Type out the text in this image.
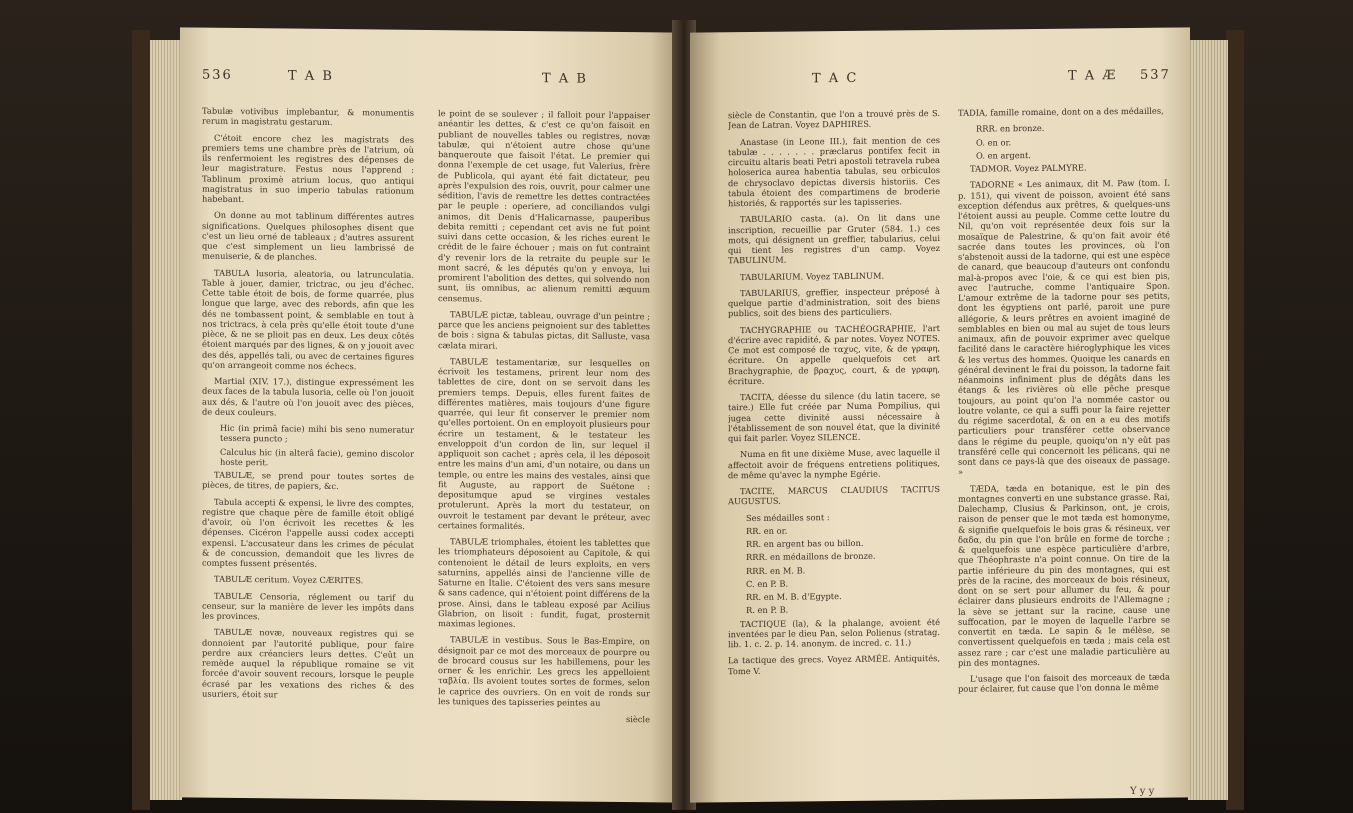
536	T A B	T A B

Tabulæ votivibus implebantur, & monumentis rerum in magistratu gestarum.

C'étoit encore chez les magistrats des premiers tems une chambre près de l'atrium, où ils renfermoient les registres des dépenses de leur magistrature. Festus nous l'apprend : Tablinum proximè atrium locus, quo antiqui magistratus in suo imperio tabulas rationum habebant.

On donne au mot tablinum différentes autres significations. Quelques philosophes disent que c'est un lieu orné de tableaux ; d'autres assurent que c'est simplement un lieu lambrissé de menuiserie, & de planches.

TABULA lusoria, aleatoria, ou latrunculatia. Table à jouer, damier, trictrac, ou jeu d'échec. Cette table étoit de bois, de forme quarrée, plus longue que large, avec des rebords, afin que les dés ne tombassent point, & semblable en tout à nos trictracs, à cela près qu'elle étoit toute d'une pièce, & ne se plioit pas en deux. Les deux côtés étoient marqués par des lignes, & on y jouoit avec des dés, appellés tali, ou avec de certaines figures qu'on arrangeoit comme nos échecs.

Martial (XIV. 17.), distingue expressément les deux faces de la tabula lusoria, celle où l'on jouoit aux dés, & l'autre où l'on jouoit avec des pièces, de deux couleurs.

Hic (in primâ facie) mihi bis seno numeratur tessera puncto ;

Calculus hic (in alterâ facie), gemino discolor hoste perit.

TABULÆ, se prend pour toutes sortes de pièces, de titres, de papiers, &c.

Tabula accepti & expensi, le livre des comptes, registre que chaque père de famille étoit obligé d'avoir, où l'on écrivoit les recettes & les dépenses. Cicéron l'appelle aussi codex accepti expensi. L'accusateur dans les crimes de péculat & de concussion, demandoit que les livres de comptes fussent présentés.

TABULÆ ceritum. Voyez CÆRITES.

TABULÆ Censoria, réglement ou tarif du censeur, sur la manière de lever les impôts dans les provinces.

TABULÆ novæ, nouveaux registres qui se donnoient par l'autorité publique, pour faire perdre aux créanciers leurs dettes. C'eût un remède auquel la république romaine se vit forcée d'avoir souvent recours, lorsque le peuple écrasé par les vexations des riches & des usuriers, étoit sur

le point de se soulever ; il falloit pour l'appaiser anéantir les dettes, & c'est ce qu'on faisoit en publiant de nouvelles tables ou registres, novæ tabulæ, qui n'étoient autre chose qu'une banqueroute que faisoit l'état. Le premier qui donna l'exemple de cet usage, fut Valerius, frère de Publicola, qui ayant été fait dictateur, peu après l'expulsion des rois, ouvrit, pour calmer une sédition, l'avis de remettre les dettes contractées par le peuple : operiere, ad conciliandos vulgi animos, dit Denis d'Halicarnasse, pauperibus debita remitti ; cependant cet avis ne fut point suivi dans cette occasion, & les riches eurent le crédit de le faire échouer ; mais on fut contraint d'y revenir lors de la retraite du peuple sur le mont sacré, & les députés qu'on y envoya, lui promirent l'abolition des dettes, qui solvendo non sunt, iis omnibus, ac alienum remitti æquum censemus.

TABULÆ pictæ, tableau, ouvrage d'un peintre ; parce que les anciens peignoient sur des tablettes de bois : signa & tabulas pictas, dit Salluste, vasa cælata mirari.

TABULÆ testamentariæ, sur lesquelles on écrivoit les testamens, prirent leur nom des tablettes de cire, dont on se servoit dans les premiers temps. Depuis, elles furent faites de différentes matières, mais toujours d'une figure quarrée, qui leur fit conserver le premier nom qu'elles portoient. On en employoit plusieurs pour écrire un testament, & le testateur les enveloppoit d'un cordon de lin, sur lequel il appliquoit son cachet ; après cela, il les déposoit entre les mains d'un ami, d'un notaire, ou dans un temple, ou entre les mains des vestales, ainsi que fit Auguste, au rapport de Suétone : depositumque apud se virgines vestales protulerunt. Après la mort du testateur, on ouvroit le testament par devant le préteur, avec certaines formalités.

TABULÆ triomphales, étoient les tablettes que les triomphateurs déposoient au Capitole, & qui contenoient le détail de leurs exploits, en vers saturnins, appellés ainsi de l'ancienne ville de Saturne en Italie. C'étoient des vers sans mesure & sans cadence, qui n'étoient point différens de la prose. Ainsi, dans le tableau exposé par Acilius Glabrion, on lisoit : fundit, fugat, prosternit maximas legiones.

TABULÆ in vestibus. Sous le Bas-Empire, on désignoit par ce mot des morceaux de pourpre ou de brocard cousus sur les habillemens, pour les orner & les enrichir. Les grecs les appelloient ταβλία. Ils avoient toutes sortes de formes, selon le caprice des ouvriers. On en voit de ronds sur les tuniques des tapisseries peintes au

siècle

T A C	T A Æ 537

siècle de Constantin, que l'on a trouvé près de S. Jean de Latran. Voyez DAPHIRES.

Anastase (in Leone III.), fait mention de ces tabulæ . . . . . . . præclarus pontifex fecit in circuitu altaris beati Petri apostoli tetravela rubea holoserica aurea habentia tabulas, seu orbiculos de chrysoclavo depictas diversis historiis. Ces tabula étoient des compartimens de broderie historiés, & rapportés sur les tapisseries.

TABULARIO casta. (a). On lit dans une inscription, recueillie par Gruter (584. 1.) ces mots, qui désignent un greffier, tabularius, celui qui tient les registres d'un camp. Voyez TABULINUM.

TABULARIUM. Voyez TABLINUM.

TABULARIUS, greffier, inspecteur préposé à quelque partie d'administration, soit des biens publics, soit des biens des particuliers.

TACHYGRAPHIE ou TACHÉOGRAPHIE, l'art d'écrire avec rapidité, & par notes. Voyez NOTES. Ce mot est composé de ταχυς, vite, & de γραφη, écriture. On appelle quelquefois cet art Brachygraphie, de βραχυς, court, & de γραφη, écriture.

TACITA, déesse du silence (du latin tacere, se taire.) Elle fut créée par Numa Pompilius, qui jugea cette divinité aussi nécessaire à l'établissement de son nouvel état, que la divinité qui fait parler. Voyez SILENCE.

Numa en fit une dixième Muse, avec laquelle il affectoit avoir de fréquens entretiens politiques, de même qu'avec la nymphe Egérie.

TACITE, MARCUS CLAUDIUS TACITUS AUGUSTUS.

Ses médailles sont :

RR. en or.

RR. en argent bas ou billon.

RRR. en médaillons de bronze.

RRR. en M. B.

C. en P. B.

RR. en M. B. d'Egypte.

R. en P. B.

TACTIQUE (la), & la phalange, avoient été inventées par le dieu Pan, selon Polienus (stratag. lib. 1. c. 2. p. 14. anonym. de incred. c. 11.)

La tactique des grecs. Voyez ARMÉE. Antiquités, Tome V.

TADIA, famille romaine, dont on a des médailles,

RRR. en bronze.

O. en or.

O. en argent.

TADMOR. Voyez PALMYRE.

TADORNE « Les animaux, dit M. Paw (tom. I. p. 151), qui vivent de poisson, avoient été sans exception défendus aux prêtres, & quelques-uns l'étoient aussi au peuple. Comme cette loutre du Nil, qu'on voit représentée deux fois sur la mosaïque de Palestrine, & qu'on fait avoir été sacrée dans toutes les provinces, où l'on s'abstenoit aussi de la tadorne, qui est une espèce de canard, que beaucoup d'auteurs ont confondu mal-à-propos avec l'oie, & ce qui est bien pis, avec l'autruche, comme l'antiquaire Spon. L'amour extrême de la tadorne pour ses petits, dont les égyptiens ont parlé, paroit une pure allégorie, & leurs prêtres en avoient imaginé de semblables en bien ou mal au sujet de tous leurs animaux, afin de pouvoir exprimer avec quelque facilité dans le caractère hiéroglyphique les vices & les vertus des hommes. Quoique les canards en général devinent le frai du poisson, la tadorne fait néanmoins infiniment plus de dégâts dans les étangs & les rivières où elle pêche presque toujours, au point qu'on l'a nommée castor ou loutre volante, ce qui a suffi pour la faire rejetter du régime sacerdotal, & on en a eu des motifs particuliers pour transférer cette observance dans le régime du peuple, quoiqu'on n'y eût pas transféré celle qui concernoit les pélicans, qui ne sont dans ce pays-là que des oiseaux de passage. »

TÆDA, tæda en botanique, est le pin des montagnes converti en une substance grasse. Rai, Dalechamp, Clusius & Parkinson, ont, je crois, raison de penser que le mot tæda est homonyme, & signifie quelquefois le bois gras & résineux, ver δαδα, du pin que l'on brûle en forme de torche ; & quelquefois une espèce particulière d'arbre, que Théophraste n'a point connue. On tire de la partie inférieure du pin des montagnes, qui est près de la racine, des morceaux de bois résineux, dont on se sert pour allumer du feu, & pour éclairer dans plusieurs endroits de l'Allemagne ; la sève se jettant sur la racine, cause une suffocation, par le moyen de laquelle l'arbre se convertit en tæda. Le sapin & le mélèse, se convertissent quelquefois en tæda ; mais cela est assez rare ; car c'est une maladie particulière au pin des montagnes.

L'usage que l'on faisoit des morceaux de tæda pour éclairer, fut cause que l'on donna le même

Y y y
